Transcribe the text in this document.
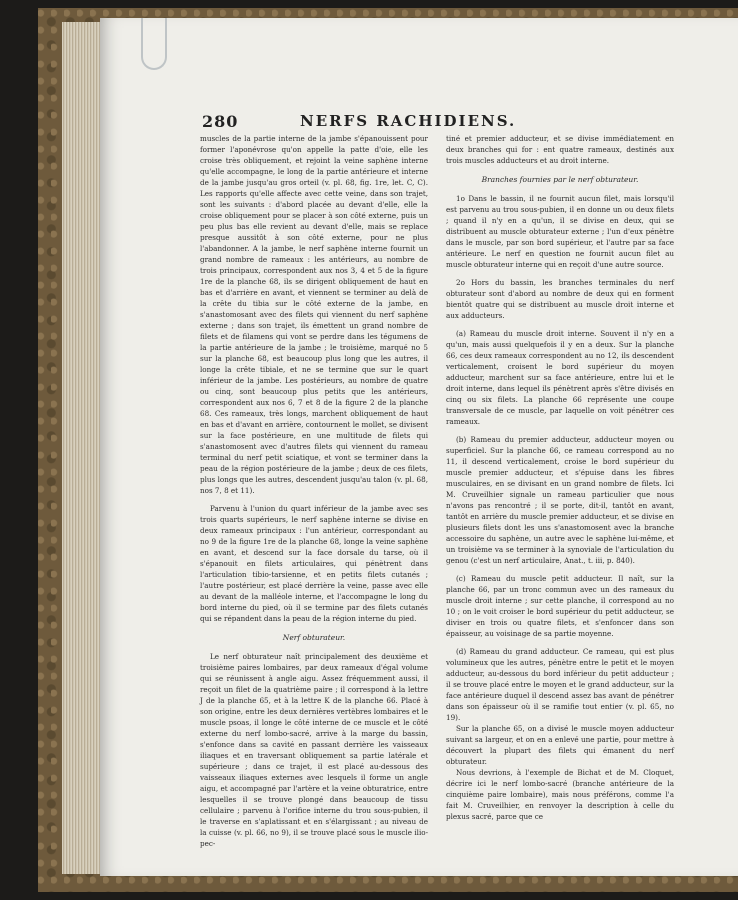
280	NERFS RACHIDIENS.

muscles de la partie interne de la jambe s'épanouissent pour former l'aponévrose qu'on appelle la patte d'oie, elle les croise très obliquement, et rejoint la veine saphène interne qu'elle accompagne, le long de la partie antérieure et interne de la jambe jusqu'au gros orteil (v. pl. 68, fig. 1re, let. C, C). Les rapports qu'elle affecte avec cette veine, dans son trajet, sont les suivants : d'abord placée au devant d'elle, elle la croise obliquement pour se placer à son côté externe, puis un peu plus bas elle revient au devant d'elle, mais se replace presque aussitôt à son côté externe, pour ne plus l'abandonner. A la jambe, le nerf saphène interne fournit un grand nombre de rameaux : les antérieurs, au nombre de trois principaux, correspondent aux nos 3, 4 et 5 de la figure 1re de la planche 68, ils se dirigent obliquement de haut en bas et d'arrière en avant, et viennent se terminer au delà de la crête du tibia sur le côté externe de la jambe, en s'anastomosant avec des filets qui viennent du nerf saphène externe ; dans son trajet, ils émettent un grand nombre de filets et de filamens qui vont se perdre dans les tégumens de la partie antérieure de la jambe ; le troisième, marqué no 5 sur la planche 68, est beaucoup plus long que les autres, il longe la crête tibiale, et ne se termine que sur le quart inférieur de la jambe. Les postérieurs, au nombre de quatre ou cinq, sont beaucoup plus petits que les antérieurs, correspondent aux nos 6, 7 et 8 de la figure 2 de la planche 68. Ces rameaux, très longs, marchent obliquement de haut en bas et d'avant en arrière, contournent le mollet, se divisent sur la face postérieure, en une multitude de filets qui s'anastomosent avec d'autres filets qui viennent du rameau terminal du nerf petit sciatique, et vont se terminer dans la peau de la région postérieure de la jambe ; deux de ces filets, plus longs que les autres, descendent jusqu'au talon (v. pl. 68, nos 7, 8 et 11).

Parvenu à l'union du quart inférieur de la jambe avec ses trois quarts supérieurs, le nerf saphène interne se divise en deux rameaux principaux : l'un antérieur, correspondant au no 9 de la figure 1re de la planche 68, longe la veine saphène en avant, et descend sur la face dorsale du tarse, où il s'épanouit en filets articulaires, qui pénètrent dans l'articulation tibio-tarsienne, et en petits filets cutanés ; l'autre postérieur, est placé derrière la veine, passe avec elle au devant de la malléole interne, et l'accompagne le long du bord interne du pied, où il se termine par des filets cutanés qui se répandent dans la peau de la région interne du pied.

Nerf obturateur.

Le nerf obturateur naît principalement des deuxième et troisième paires lombaires, par deux rameaux d'égal volume qui se réunissent à angle aigu. Assez fréquemment aussi, il reçoit un filet de la quatrième paire ; il correspond à la lettre J de la planche 65, et à la lettre K de la planche 66. Placé à son origine, entre les deux dernières vertèbres lombaires et le muscle psoas, il longe le côté interne de ce muscle et le côté externe du nerf lombo-sacré, arrive à la marge du bassin, s'enfonce dans sa cavité en passant derrière les vaisseaux iliaques et en traversant obliquement sa partie latérale et supérieure ; dans ce trajet, il est placé au-dessous des vaisseaux iliaques externes avec lesquels il forme un angle aigu, et accompagné par l'artère et la veine obturatrice, entre lesquelles il se trouve plongé dans beaucoup de tissu cellulaire ; parvenu à l'orifice interne du trou sous-pubien, il le traverse en s'aplatissant et en s'élargissant ; au niveau de la cuisse (v. pl. 66, no 9), il se trouve placé sous le muscle ilio-pec-

tiné et premier adducteur, et se divise immédiatement en deux branches qui for : ent quatre rameaux, destinés aux trois muscles adducteurs et au droit interne.

Branches fournies par le nerf obturateur.

1o Dans le bassin, il ne fournit aucun filet, mais lorsqu'il est parvenu au trou sous-pubien, il en donne un ou deux filets ; quand il n'y en a qu'un, il se divise en deux, qui se distribuent au muscle obturateur externe ; l'un d'eux pénètre dans le muscle, par son bord supérieur, et l'autre par sa face antérieure. Le nerf en question ne fournit aucun filet au muscle obturateur interne qui en reçoit d'une autre source.

2o Hors du bassin, les branches terminales du nerf obturateur sont d'abord au nombre de deux qui en forment bientôt quatre qui se distribuent au muscle droit interne et aux adducteurs.

(a) Rameau du muscle droit interne. Souvent il n'y en a qu'un, mais aussi quelquefois il y en a deux. Sur la planche 66, ces deux rameaux correspondent au no 12, ils descendent verticalement, croisent le bord supérieur du moyen adducteur, marchent sur sa face antérieure, entre lui et le droit interne, dans lequel ils pénètrent après s'être divisés en cinq ou six filets. La planche 66 représente une coupe transversale de ce muscle, par laquelle on voit pénétrer ces rameaux.

(b) Rameau du premier adducteur, adducteur moyen ou superficiel. Sur la planche 66, ce rameau correspond au no 11, il descend verticalement, croise le bord supérieur du muscle premier adducteur, et s'épuise dans les fibres musculaires, en se divisant en un grand nombre de filets. Ici M. Cruveilhier signale un rameau particulier que nous n'avons pas rencontré ; il se porte, dit-il, tantôt en avant, tantôt en arrière du muscle premier adducteur, et se divise en plusieurs filets dont les uns s'anastomosent avec la branche accessoire du saphène, un autre avec le saphène lui-même, et un troisième va se terminer à la synoviale de l'articulation du genou (c'est un nerf articulaire, Anat., t. iii, p. 840).

(c) Rameau du muscle petit adducteur. Il naît, sur la planche 66, par un tronc commun avec un des rameaux du muscle droit interne ; sur cette planche, il correspond au no 10 ; on le voit croiser le bord supérieur du petit adducteur, se diviser en trois ou quatre filets, et s'enfoncer dans son épaisseur, au voisinage de sa partie moyenne.

(d) Rameau du grand adducteur. Ce rameau, qui est plus volumineux que les autres, pénètre entre le petit et le moyen adducteur, au-dessous du bord inférieur du petit adducteur ; il se trouve placé entre le moyen et le grand adducteur, sur la face antérieure duquel il descend assez bas avant de pénétrer dans son épaisseur où il se ramifie tout entier (v. pl. 65, no 19).

Sur la planche 65, on a divisé le muscle moyen adducteur suivant sa largeur, et on en a enlevé une partie, pour mettre à découvert la plupart des filets qui émanent du nerf obturateur.

Nous devrions, à l'exemple de Bichat et de M. Cloquet, décrire ici le nerf lombo-sacré (branche antérieure de la cinquième paire lombaire), mais nous préférons, comme l'a fait M. Cruveilhier, en renvoyer la description à celle du plexus sacré, parce que ce
